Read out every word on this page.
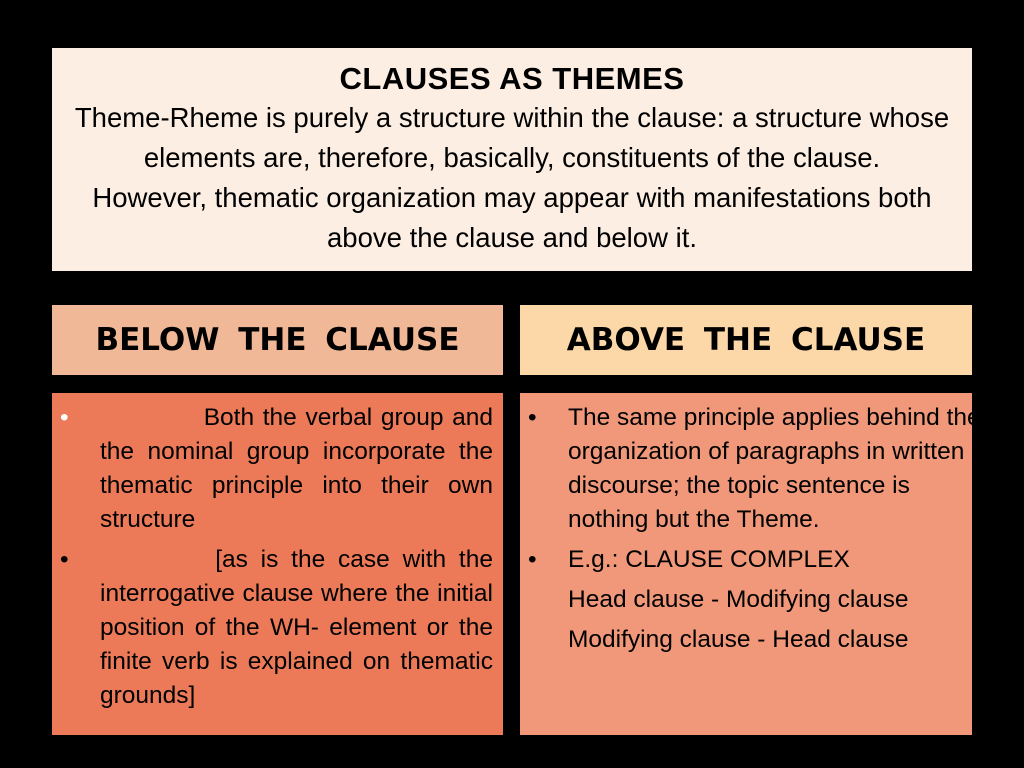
CLAUSES AS THEMES
Theme-Rheme is purely a structure within the clause: a structure whose
elements are, therefore, basically, constituents of the clause.
However, thematic organization may appear with manifestations both
above the clause and below it.
BELOW THE CLAUSE	ABOVE THE CLAUSE
• Both the verbal group and the nominal group incorporate the thematic principle into their own structure
• [as is the case with the interrogative clause where the initial position of the WH- element or the finite verb is explained on thematic grounds]
• The same principle applies behind the
organization of paragraphs in written
discourse; the topic sentence is
nothing but the Theme.
• E.g.: CLAUSE COMPLEX
Head clause - Modifying clause
Modifying clause - Head clause
